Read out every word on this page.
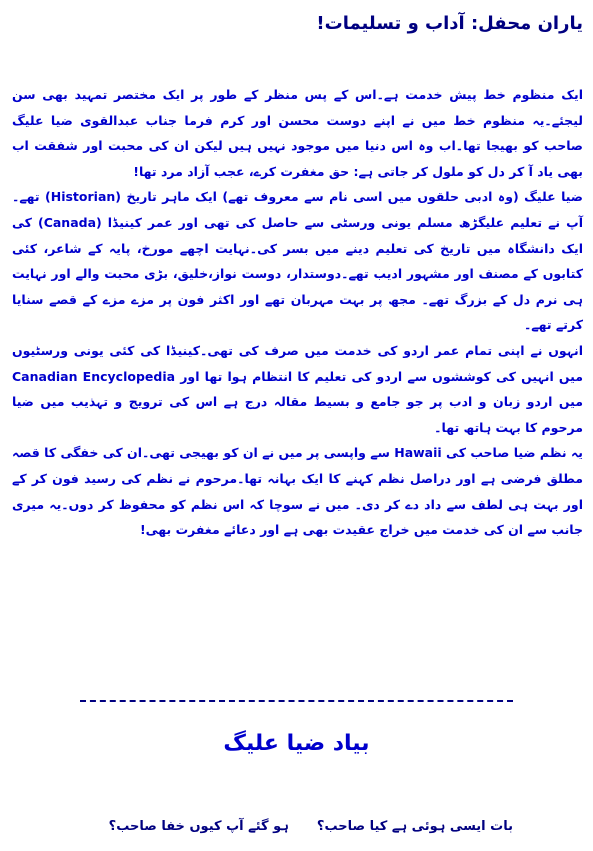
یاران محفل: آداب و تسلیمات!

ایک منظوم خط پیش خدمت ہے۔اس کے پس منظر کے طور پر ایک مختصر تمہید بھی سن لیجئے۔یہ منظوم خط میں نے اپنے دوست محسن اور کرم فرما جناب عبدالقوی ضیا علیگ صاحب کو بھیجا تھا۔اب وہ اس دنیا میں موجود نہیں ہیں لیکن ان کی محبت اور شفقت اب بھی یاد آ کر دل کو ملول کر جاتی ہے: حق مغفرت کرے، عجب آزاد مرد تھا!

ضیا علیگ (وہ ادبی حلقوں میں اسی نام سے معروف تھے) ایک ماہر تاریخ (Historian) تھے۔آپ نے تعلیم علیگڑھ مسلم یونی ورسٹی سے حاصل کی تھی اور عمر کینیڈا (Canada) کی ایک دانشگاہ میں تاریخ کی تعلیم دینے میں بسر کی۔نہایت اچھے مورخ، پایہ کے شاعر، کئی کتابوں کے مصنف اور مشہور ادیب تھے۔دوستدار، دوست نواز،خلیق، بڑی محبت والے اور نہایت ہی نرم دل کے بزرگ تھے۔ مجھ پر بہت مہربان تھے اور اکثر فون پر مزے مزے کے قصے سنایا کرتے تھے۔

انہوں نے اپنی تمام عمر اردو کی خدمت میں صرف کی تھی۔کینیڈا کی کئی یونی ورسٹیوں میں انہیں کی کوششوں سے اردو کی تعلیم کا انتظام ہوا تھا اور Canadian Encyclopedia میں اردو زبان و ادب پر جو جامع و بسیط مقالہ درج ہے اس کی ترویج و تہذیب میں ضیا مرحوم کا بہت ہاتھ تھا۔

یہ نظم ضیا صاحب کی Hawaii سے واپسی پر میں نے ان کو بھیجی تھی۔ان کی خفگی کا قصہ مطلق فرضی ہے اور دراصل نظم کہنے کا ایک بہانہ تھا۔مرحوم نے نظم کی رسید فون کر کے اور بہت ہی لطف سے داد دے کر دی۔ میں نے سوچا کہ اس نظم کو محفوظ کر دوں۔یہ میری جانب سے ان کی خدمت میں خراج عقیدت بھی ہے اور دعائے مغفرت بھی!

بیاد ضیا علیگ
بات ایسی ہوئی ہے کیا صاحب؟ہو گئے آپ کیوں خفا صاحب؟
